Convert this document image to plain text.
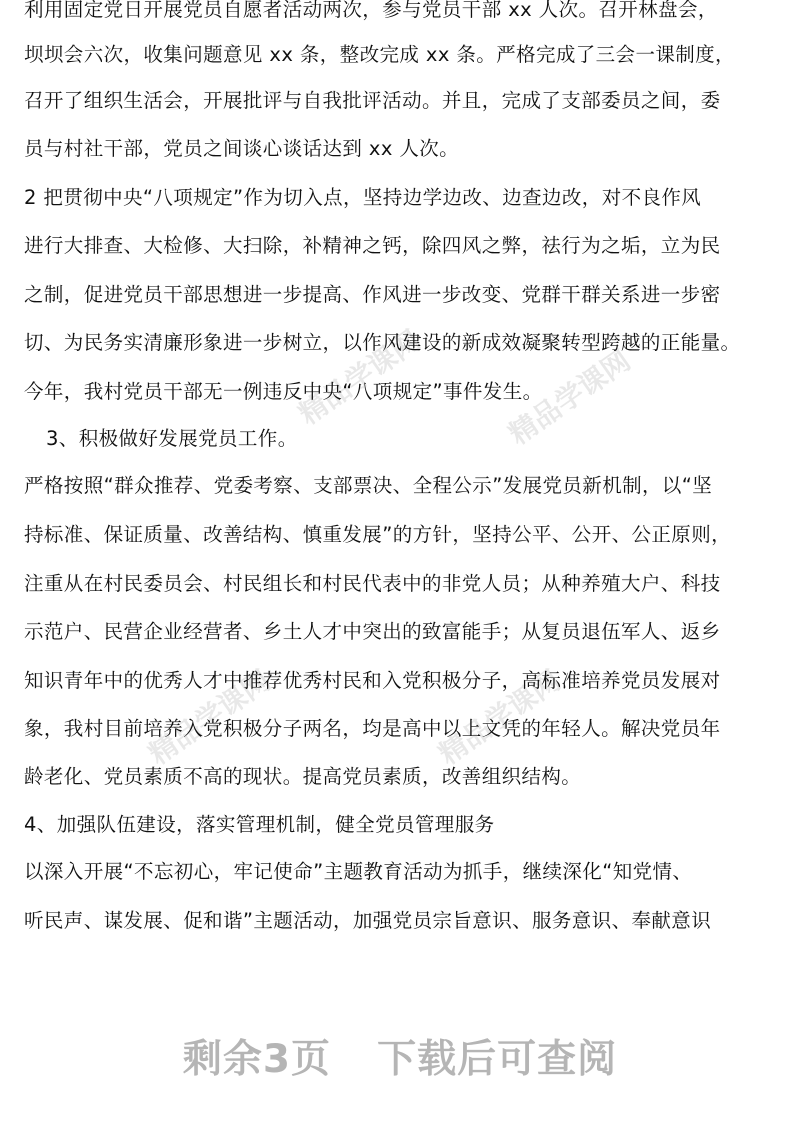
精品学课网	精品学课网
精品学课网	精品学课网
利用固定党日开展党员自愿者活动两次，参与党员干部 xx 人次。召开林盘会，
坝坝会六次，收集问题意见 xx 条，整改完成 xx 条。严格完成了三会一课制度，
召开了组织生活会，开展批评与自我批评活动。并且，完成了支部委员之间，委
员与村社干部，党员之间谈心谈话达到 xx 人次。
2 把贯彻中央“八项规定”作为切入点，坚持边学边改、边查边改，对不良作风
进行大排查、大检修、大扫除，补精神之钙，除四风之弊，祛行为之垢，立为民
之制，促进党员干部思想进一步提高、作风进一步改变、党群干群关系进一步密
切、为民务实清廉形象进一步树立，以作风建设的新成效凝聚转型跨越的正能量。
今年，我村党员干部无一例违反中央“八项规定”事件发生。
3、积极做好发展党员工作。
严格按照“群众推荐、党委考察、支部票决、全程公示”发展党员新机制，以“坚
持标准、保证质量、改善结构、慎重发展”的方针，坚持公平、公开、公正原则，
注重从在村民委员会、村民组长和村民代表中的非党人员；从种养殖大户、科技
示范户、民营企业经营者、乡土人才中突出的致富能手；从复员退伍军人、返乡
知识青年中的优秀人才中推荐优秀村民和入党积极分子，高标准培养党员发展对
象，我村目前培养入党积极分子两名，均是高中以上文凭的年轻人。解决党员年
龄老化、党员素质不高的现状。提高党员素质，改善组织结构。
4、加强队伍建设，落实管理机制，健全党员管理服务
以深入开展“不忘初心，牢记使命”主题教育活动为抓手，继续深化“知党情、
听民声、谋发展、促和谐”主题活动，加强党员宗旨意识、服务意识、奉献意识
剩余3页 下载后可查阅
